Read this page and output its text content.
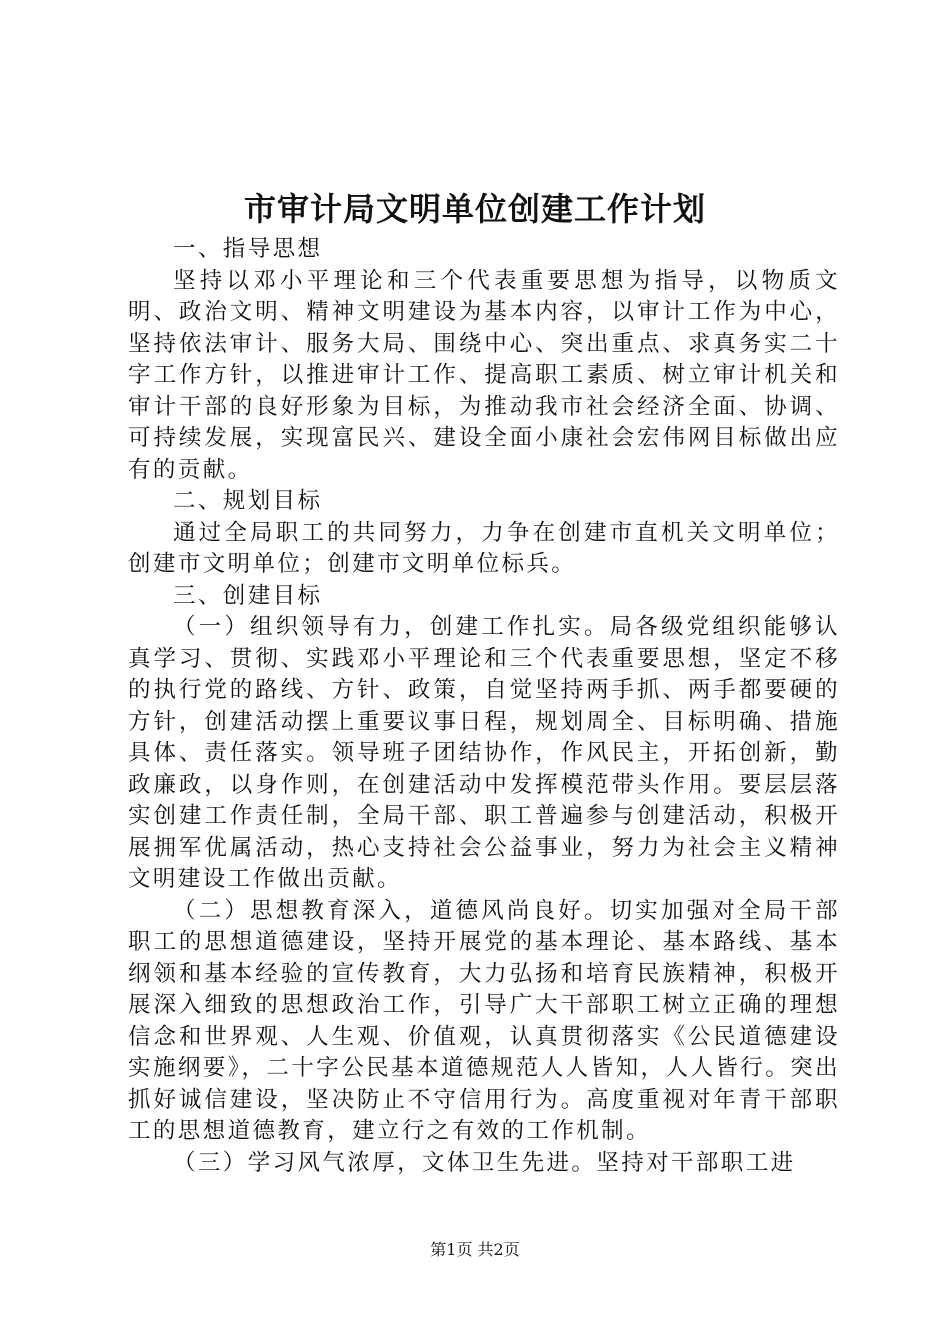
市审计局文明单位创建工作计划

一、指导思想

坚持以邓小平理论和三个代表重要思想为指导，以物质文明、政治文明、精神文明建设为基本内容，以审计工作为中心，坚持依法审计、服务大局、围绕中心、突出重点、求真务实二十字工作方针，以推进审计工作、提高职工素质、树立审计机关和审计干部的良好形象为目标，为推动我市社会经济全面、协调、可持续发展，实现富民兴、建设全面小康社会宏伟网目标做出应有的贡献。

二、规划目标

通过全局职工的共同努力，力争在创建市直机关文明单位；创建市文明单位；创建市文明单位标兵。

三、创建目标

（一）组织领导有力，创建工作扎实。局各级党组织能够认真学习、贯彻、实践邓小平理论和三个代表重要思想，坚定不移的执行党的路线、方针、政策，自觉坚持两手抓、两手都要硬的方针，创建活动摆上重要议事日程，规划周全、目标明确、措施具体、责任落实。领导班子团结协作，作风民主，开拓创新，勤政廉政，以身作则，在创建活动中发挥模范带头作用。要层层落实创建工作责任制，全局干部、职工普遍参与创建活动，积极开展拥军优属活动，热心支持社会公益事业，努力为社会主义精神文明建设工作做出贡献。

（二）思想教育深入，道德风尚良好。切实加强对全局干部职工的思想道德建设，坚持开展党的基本理论、基本路线、基本纲领和基本经验的宣传教育，大力弘扬和培育民族精神，积极开展深入细致的思想政治工作，引导广大干部职工树立正确的理想信念和世界观、人生观、价值观，认真贯彻落实《公民道德建设实施纲要》，二十字公民基本道德规范人人皆知，人人皆行。突出抓好诚信建设，坚决防止不守信用行为。高度重视对年青干部职工的思想道德教育，建立行之有效的工作机制。

（三）学习风气浓厚，文体卫生先进。坚持对干部职工进

第1页 共2页
